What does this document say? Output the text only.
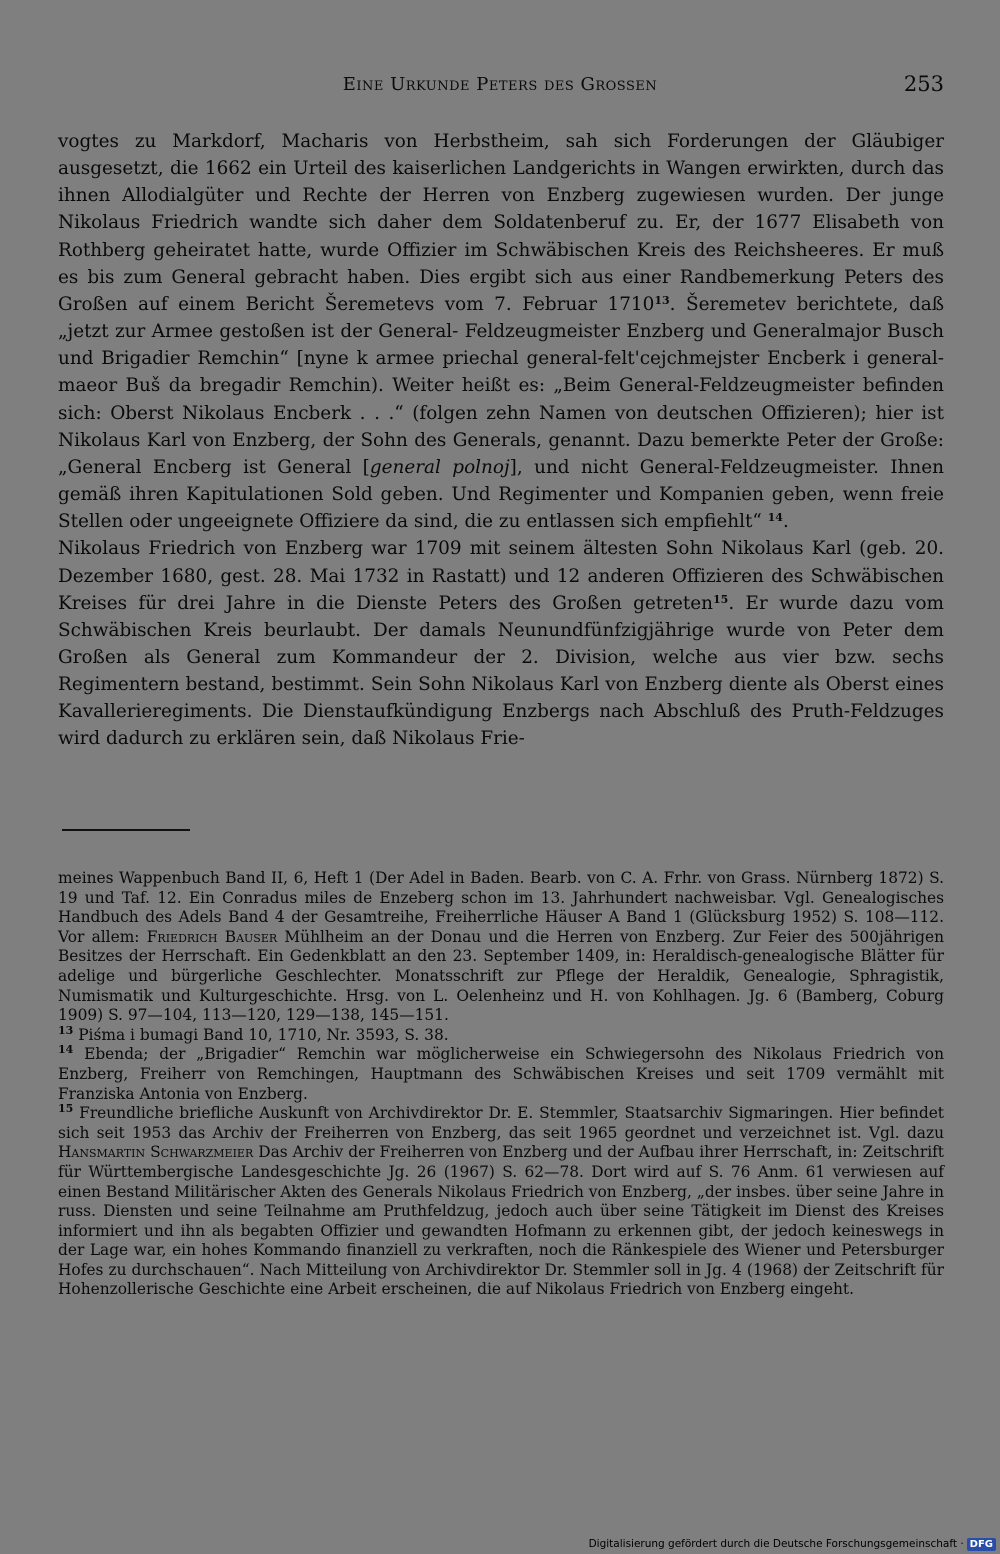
Eine Urkunde Peters des Grossen	253

vogtes zu Markdorf, Macharis von Herbstheim, sah sich Forderungen der Gläubiger ausgesetzt, die 1662 ein Urteil des kaiserlichen Landgerichts in Wangen erwirkten, durch das ihnen Allodialgüter und Rechte der Herren von Enzberg zugewiesen wurden. Der junge Nikolaus Friedrich wandte sich daher dem Soldatenberuf zu. Er, der 1677 Elisabeth von Rothberg geheiratet hatte, wurde Offizier im Schwäbischen Kreis des Reichsheeres. Er muß es bis zum General gebracht haben. Dies ergibt sich aus einer Randbemerkung Peters des Großen auf einem Bericht Šeremetevs vom 7. Februar 1710$^{13}$. Šeremetev berichtete, daß „jetzt zur Armee gestoßen ist der General- Feldzeugmeister Enzberg und Generalmajor Busch und Brigadier Remchin“ [nyne k armee priechal general-felt'cejchmejster Encberk i general-maeor Buš da bregadir Remchin). Weiter heißt es: „Beim General-Feldzeugmeister befinden sich: Oberst Nikolaus Encberk . . .“ (folgen zehn Namen von deutschen Offizieren); hier ist Nikolaus Karl von Enzberg, der Sohn des Generals, genannt. Dazu bemerkte Peter der Große: „General Encberg ist General [general polnoj], und nicht General-Feldzeugmeister. Ihnen gemäß ihren Kapitulationen Sold geben. Und Regimenter und Kompanien geben, wenn freie Stellen oder ungeeignete Offiziere da sind, die zu entlassen sich empfiehlt“ $^{14}$.

Nikolaus Friedrich von Enzberg war 1709 mit seinem ältesten Sohn Nikolaus Karl (geb. 20. Dezember 1680, gest. 28. Mai 1732 in Rastatt) und 12 anderen Offizieren des Schwäbischen Kreises für drei Jahre in die Dienste Peters des Großen getreten$^{15}$. Er wurde dazu vom Schwäbischen Kreis beurlaubt. Der damals Neunundfünfzigjährige wurde von Peter dem Großen als General zum Kommandeur der 2. Division, welche aus vier bzw. sechs Regimentern bestand, bestimmt. Sein Sohn Nikolaus Karl von Enzberg diente als Oberst eines Kavallerieregiments. Die Dienstaufkündigung Enzbergs nach Abschluß des Pruth-Feldzuges wird dadurch zu erklären sein, daß Nikolaus Frie-

meines Wappenbuch Band II, 6, Heft 1 (Der Adel in Baden. Bearb. von C. A. Frhr. von Grass. Nürnberg 1872) S. 19 und Taf. 12. Ein Conradus miles de Enzeberg schon im 13. Jahrhundert nachweisbar. Vgl. Genealogisches Handbuch des Adels Band 4 der Gesamtreihe, Freiherrliche Häuser A Band 1 (Glücksburg 1952) S. 108—112. Vor allem: Friedrich Bauser Mühlheim an der Donau und die Herren von Enzberg. Zur Feier des 500jährigen Besitzes der Herrschaft. Ein Gedenkblatt an den 23. September 1409, in: Heraldisch-genealogische Blätter für adelige und bürgerliche Geschlechter. Monatsschrift zur Pflege der Heraldik, Genealogie, Sphragistik, Numismatik und Kulturgeschichte. Hrsg. von L. Oelenheinz und H. von Kohlhagen. Jg. 6 (Bamberg, Coburg 1909) S. 97—104, 113—120, 129—138, 145—151.

$^{13}$ Piśma i bumagi Band 10, 1710, Nr. 3593, S. 38.

$^{14}$ Ebenda; der „Brigadier“ Remchin war möglicherweise ein Schwiegersohn des Nikolaus Friedrich von Enzberg, Freiherr von Remchingen, Hauptmann des Schwäbischen Kreises und seit 1709 vermählt mit Franziska Antonia von Enzberg.

$^{15}$ Freundliche briefliche Auskunft von Archivdirektor Dr. E. Stemmler, Staatsarchiv Sigmaringen. Hier befindet sich seit 1953 das Archiv der Freiherren von Enzberg, das seit 1965 geordnet und verzeichnet ist. Vgl. dazu Hansmartin Schwarzmeier Das Archiv der Freiherren von Enzberg und der Aufbau ihrer Herrschaft, in: Zeitschrift für Württembergische Landesgeschichte Jg. 26 (1967) S. 62—78. Dort wird auf S. 76 Anm. 61 verwiesen auf einen Bestand Militärischer Akten des Generals Nikolaus Friedrich von Enzberg, „der insbes. über seine Jahre in russ. Diensten und seine Teilnahme am Pruthfeldzug, jedoch auch über seine Tätigkeit im Dienst des Kreises informiert und ihn als begabten Offizier und gewandten Hofmann zu erkennen gibt, der jedoch keineswegs in der Lage war, ein hohes Kommando finanziell zu verkraften, noch die Ränkespiele des Wiener und Petersburger Hofes zu durchschauen“. Nach Mitteilung von Archivdirektor Dr. Stemmler soll in Jg. 4 (1968) der Zeitschrift für Hohenzollerische Geschichte eine Arbeit erscheinen, die auf Nikolaus Friedrich von Enzberg eingeht.

Digitalisierung gefördert durch die Deutsche Forschungsgemeinschaft · DFG
